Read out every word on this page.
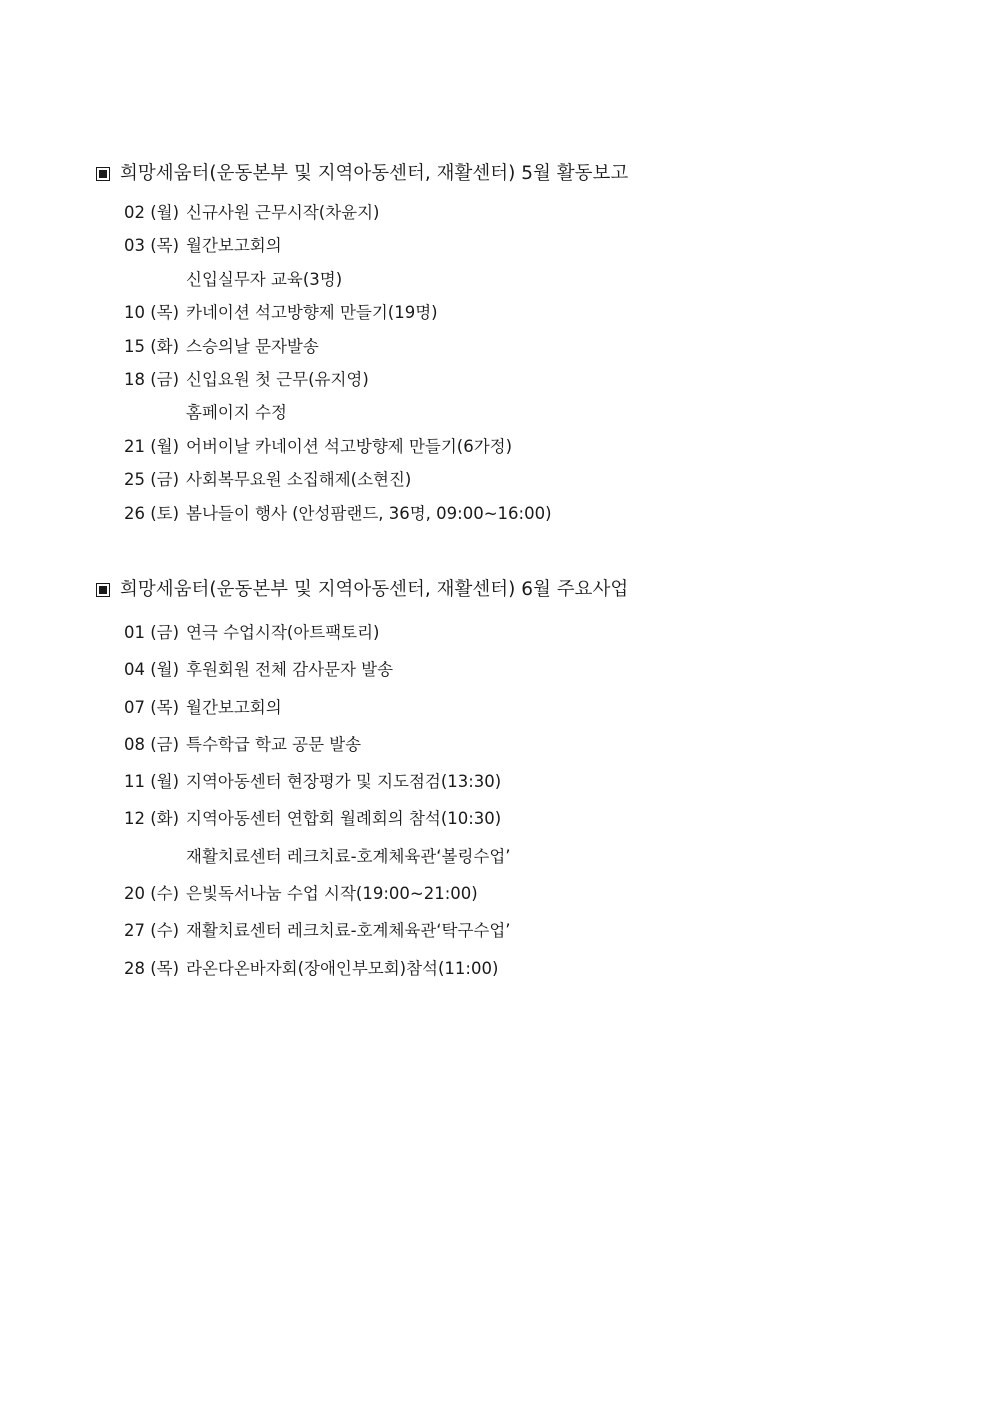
희망세움터(운동본부 및 지역아동센터, 재활센터) 5월 활동보고
02 (월) 신규사원 근무시작(차윤지)
03 (목) 월간보고회의
신입실무자 교육(3명)
10 (목) 카네이션 석고방향제 만들기(19명)
15 (화) 스승의날 문자발송
18 (금) 신입요원 첫 근무(유지영)
홈페이지 수정
21 (월) 어버이날 카네이션 석고방향제 만들기(6가정)
25 (금) 사회복무요원 소집해제(소현진)
26 (토) 봄나들이 행사 (안성팜랜드, 36명, 09:00~16:00)
희망세움터(운동본부 및 지역아동센터, 재활센터) 6월 주요사업
01 (금) 연극 수업시작(아트팩토리)
04 (월) 후원회원 전체 감사문자 발송
07 (목) 월간보고회의
08 (금) 특수학급 학교 공문 발송
11 (월) 지역아동센터 현장평가 및 지도점검(13:30)
12 (화) 지역아동센터 연합회 월례회의 참석(10:30)
재활치료센터 레크치료-호계체육관‘볼링수업’
20 (수) 은빛독서나눔 수업 시작(19:00~21:00)
27 (수) 재활치료센터 레크치료-호계체육관‘탁구수업’
28 (목) 라온다온바자회(장애인부모회)참석(11:00)
